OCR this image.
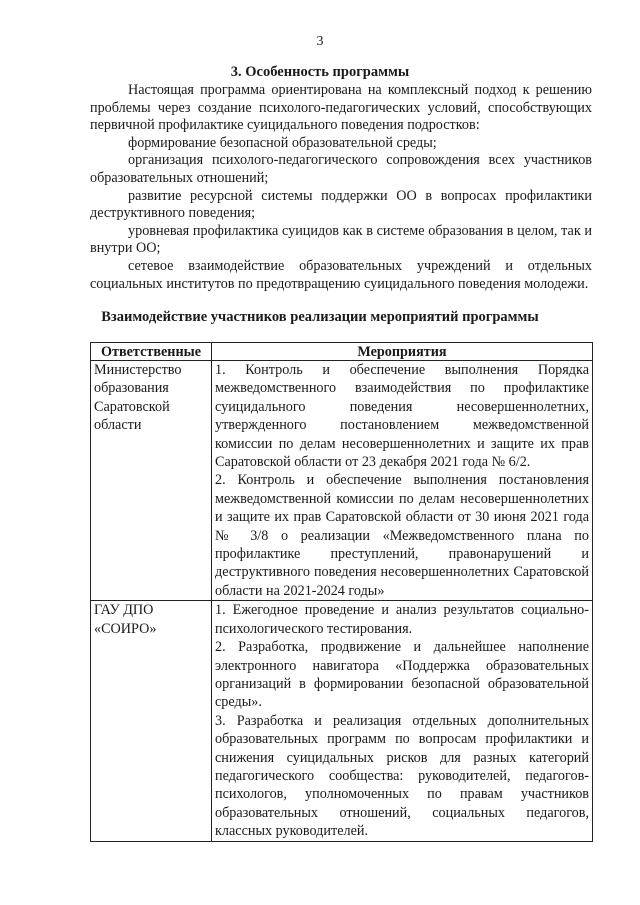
3
3. Особенность программы

Настоящая программа ориентирована на комплексный подход к решению проблемы через создание психолого-педагогических условий, способствующих первичной профилактике суицидального поведения подростков:

формирование безопасной образовательной среды;

организация психолого-педагогического сопровождения всех участников образовательных отношений;

развитие ресурсной системы поддержки ОО в вопросах профилактики деструктивного поведения;

уровневая профилактика суицидов как в системе образования в целом, так и внутри ОО;

сетевое взаимодействие образовательных учреждений и отдельных социальных институтов по предотвращению суицидального поведения молодежи.

Взаимодействие участников реализации мероприятий программы
Ответственные	Мероприятия
Министерство образования Саратовской области	1. Контроль и обеспечение выполнения Порядка межведомственного взаимодействия по профилактике суицидального поведения несовершеннолетних, утвержденного постановлением межведомственной комиссии по делам несовершеннолетних и защите их прав Саратовской области от 23 декабря 2021 года № 6/2.

2. Контроль и обеспечение выполнения постановления межведомственной комиссии по делам несовершеннолетних и защите их прав Саратовской области от 30 июня 2021 года № 3/8 о реализации «Межведомственного плана по профилактике преступлений, правонарушений и деструктивного поведения несовершеннолетних Саратовской области на 2021-2024 годы»

ГАУ ДПО «СОИРО»	1. Ежегодное проведение и анализ результатов социально-психологического тестирования.

2. Разработка, продвижение и дальнейшее наполнение электронного навигатора «Поддержка образовательных организаций в формировании безопасной образовательной среды».

3. Разработка и реализация отдельных дополнительных образовательных программ по вопросам профилактики и снижения суицидальных рисков для разных категорий педагогического сообщества: руководителей, педагогов-психологов, уполномоченных по правам участников образовательных отношений, социальных педагогов, классных руководителей.
